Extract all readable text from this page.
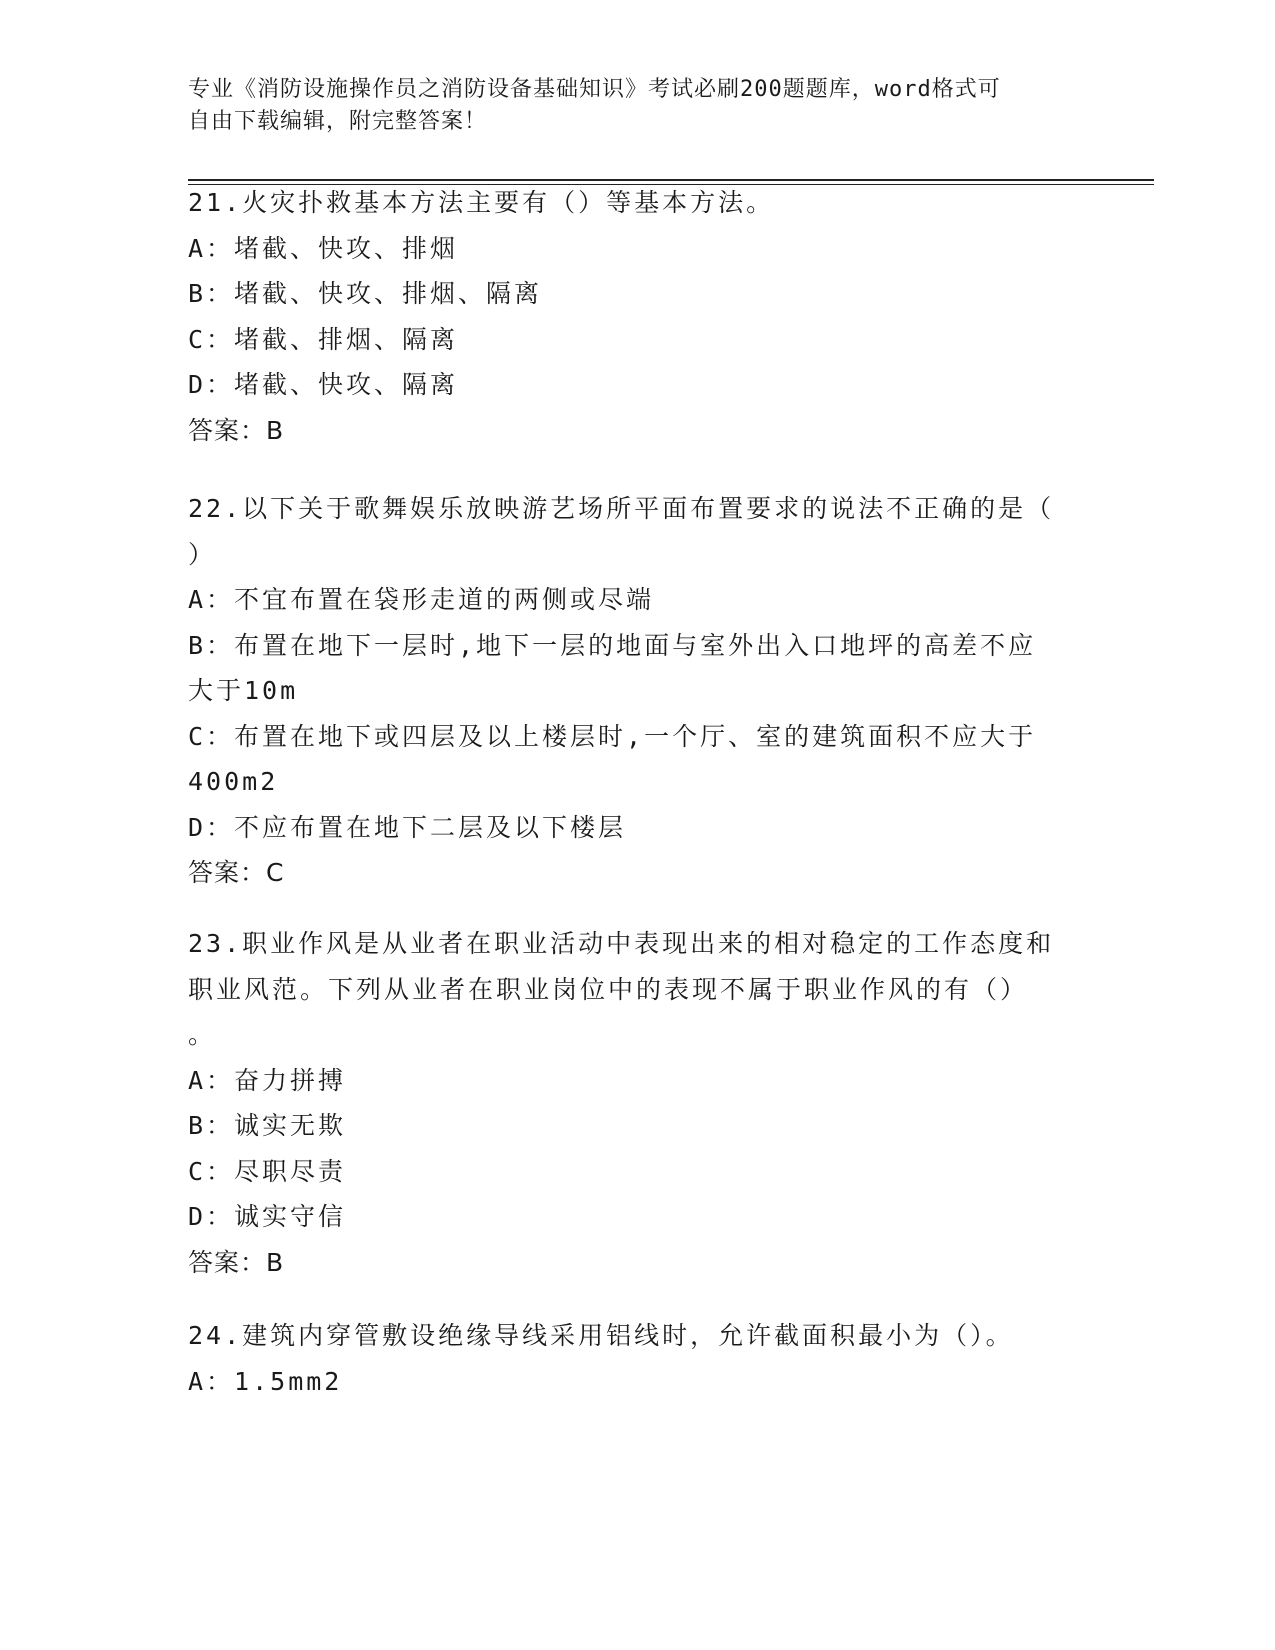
专业《消防设施操作员之消防设备基础知识》考试必刷200题题库，word格式可
自由下载编辑，附完整答案！

21.火灾扑救基本方法主要有（）等基本方法。

A：堵截、快攻、排烟

B：堵截、快攻、排烟、隔离

C：堵截、排烟、隔离

D：堵截、快攻、隔离

答案：B

22.以下关于歌舞娱乐放映游艺场所平面布置要求的说法不正确的是（

）

A：不宜布置在袋形走道的两侧或尽端

B：布置在地下一层时,地下一层的地面与室外出入口地坪的高差不应

大于10m

C：布置在地下或四层及以上楼层时,一个厅、室的建筑面积不应大于

400m2

D：不应布置在地下二层及以下楼层

答案：C

23.职业作风是从业者在职业活动中表现出来的相对稳定的工作态度和

职业风范。下列从业者在职业岗位中的表现不属于职业作风的有（）

。

A：奋力拼搏

B：诚实无欺

C：尽职尽责

D：诚实守信

答案：B

24.建筑内穿管敷设绝缘导线采用铝线时，允许截面积最小为（）。

A：1.5mm2
